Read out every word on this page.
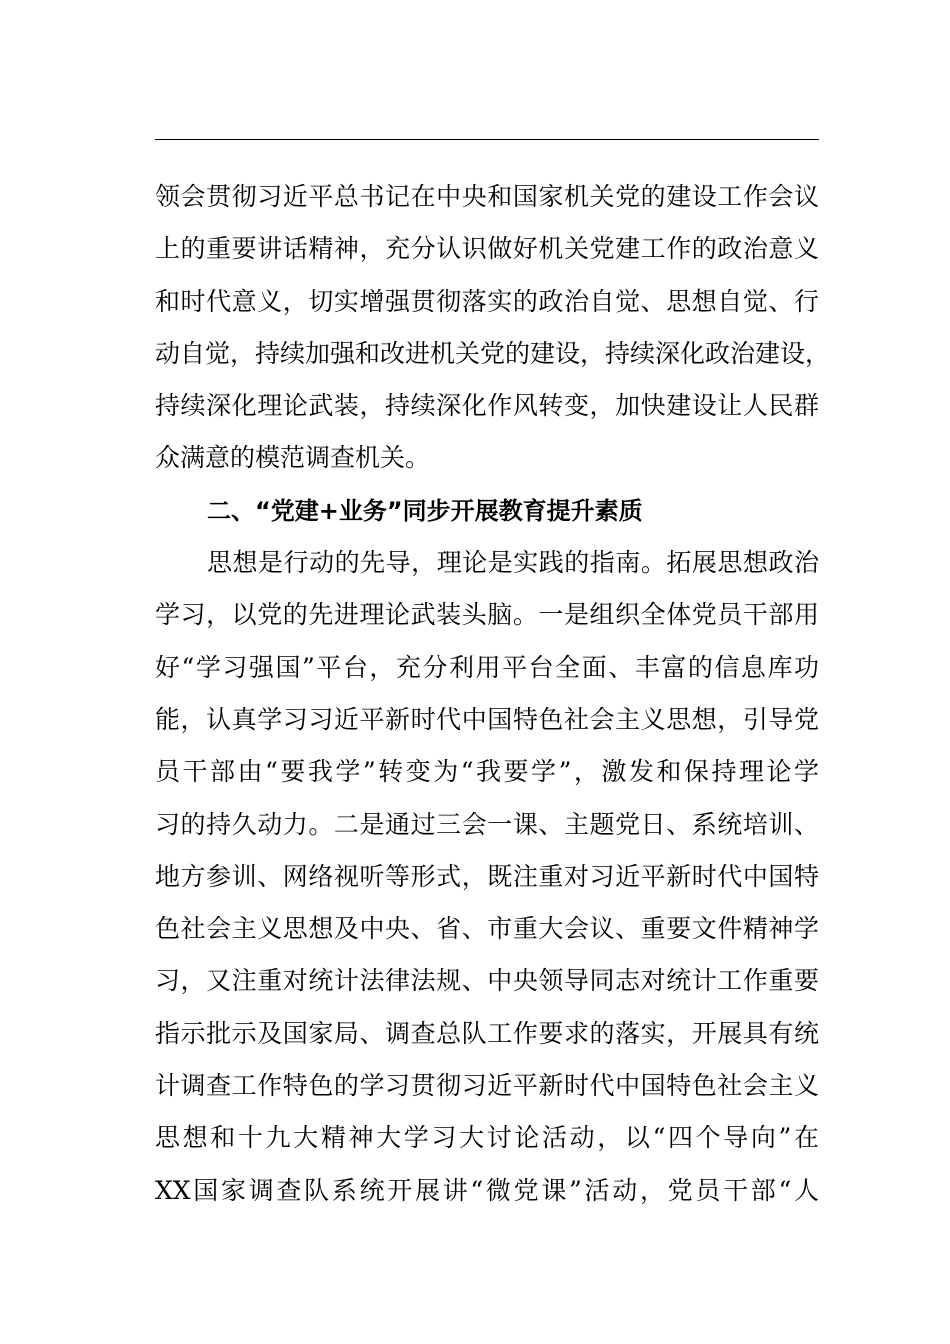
领会贯彻习近平总书记在中央和国家机关党的建设工作会议
上的重要讲话精神，充分认识做好机关党建工作的政治意义
和时代意义，切实增强贯彻落实的政治自觉、思想自觉、行
动自觉，持续加强和改进机关党的建设，持续深化政治建设，
持续深化理论武装，持续深化作风转变，加快建设让人民群
众满意的模范调查机关。
二、“党建+业务”同步开展教育提升素质
思想是行动的先导，理论是实践的指南。拓展思想政治
学习，以党的先进理论武装头脑。一是组织全体党员干部用
好“学习强国”平台，充分利用平台全面、丰富的信息库功
能，认真学习习近平新时代中国特色社会主义思想，引导党
员干部由“要我学”转变为“我要学”，激发和保持理论学
习的持久动力。二是通过三会一课、主题党日、系统培训、
地方参训、网络视听等形式，既注重对习近平新时代中国特
色社会主义思想及中央、省、市重大会议、重要文件精神学
习，又注重对统计法律法规、中央领导同志对统计工作重要
指示批示及国家局、调查总队工作要求的落实，开展具有统
计调查工作特色的学习贯彻习近平新时代中国特色社会主义
思想和十九大精神大学习大讨论活动，以“四个导向”在
XX国家调查队系统开展讲“微党课”活动，党员干部“人
